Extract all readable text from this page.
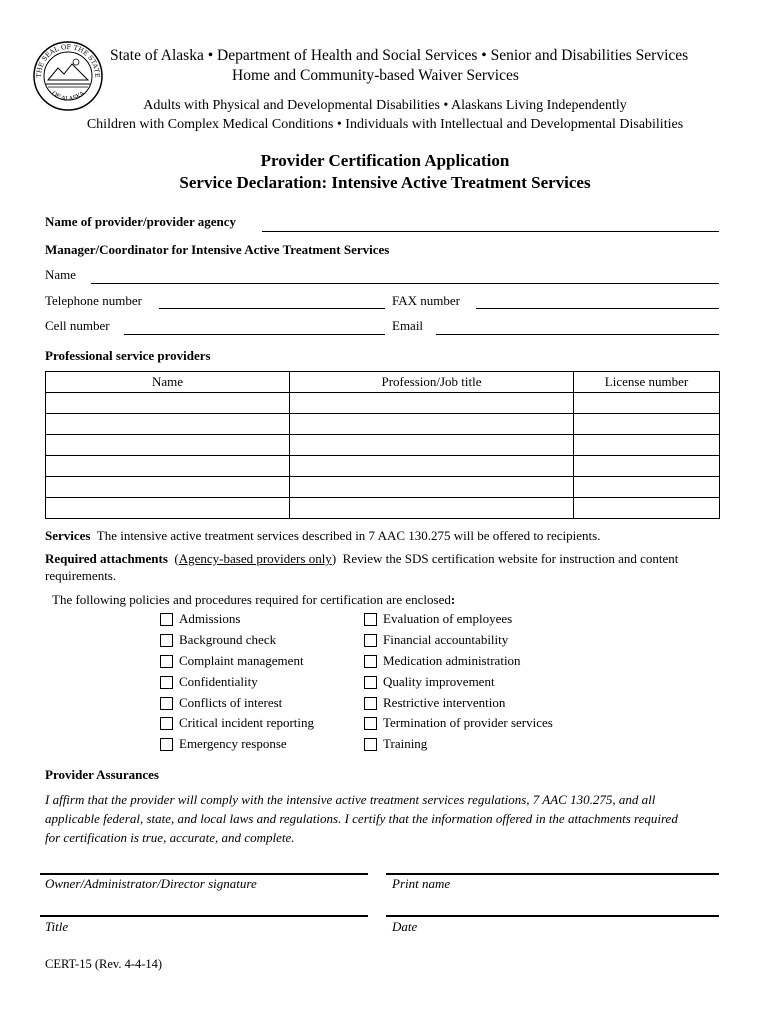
THE SEAL OF THE STATE
OF ALASKA
State of Alaska • Department of Health and Social Services • Senior and Disabilities Services
Home and Community-based Waiver Services
Adults with Physical and Developmental Disabilities • Alaskans Living Independently
Children with Complex Medical Conditions • Individuals with Intellectual and Developmental Disabilities
Provider Certification Application
Service Declaration: Intensive Active Treatment Services
Name of provider/provider agency
Manager/Coordinator for Intensive Active Treatment Services
Name
Telephone number	FAX number
Cell number	Email
Professional service providers
Name	Profession/Job title	License number

Services The intensive active treatment services described in 7 AAC 130.275 will be offered to recipients.
Required attachments (Agency-based providers only) Review the SDS certification website for instruction and content
requirements.
The following policies and procedures required for certification are enclosed:
Admissions
Background check
Complaint management
Confidentiality
Conflicts of interest
Critical incident reporting
Emergency response
Evaluation of employees
Financial accountability
Medication administration
Quality improvement
Restrictive intervention
Termination of provider services
Training
Provider Assurances
I affirm that the provider will comply with the intensive active treatment services regulations, 7 AAC 130.275, and all
applicable federal, state, and local laws and regulations. I certify that the information offered in the attachments required
for certification is true, accurate, and complete.
Owner/Administrator/Director signature	Print name
Title	Date
CERT-15 (Rev. 4-4-14)
